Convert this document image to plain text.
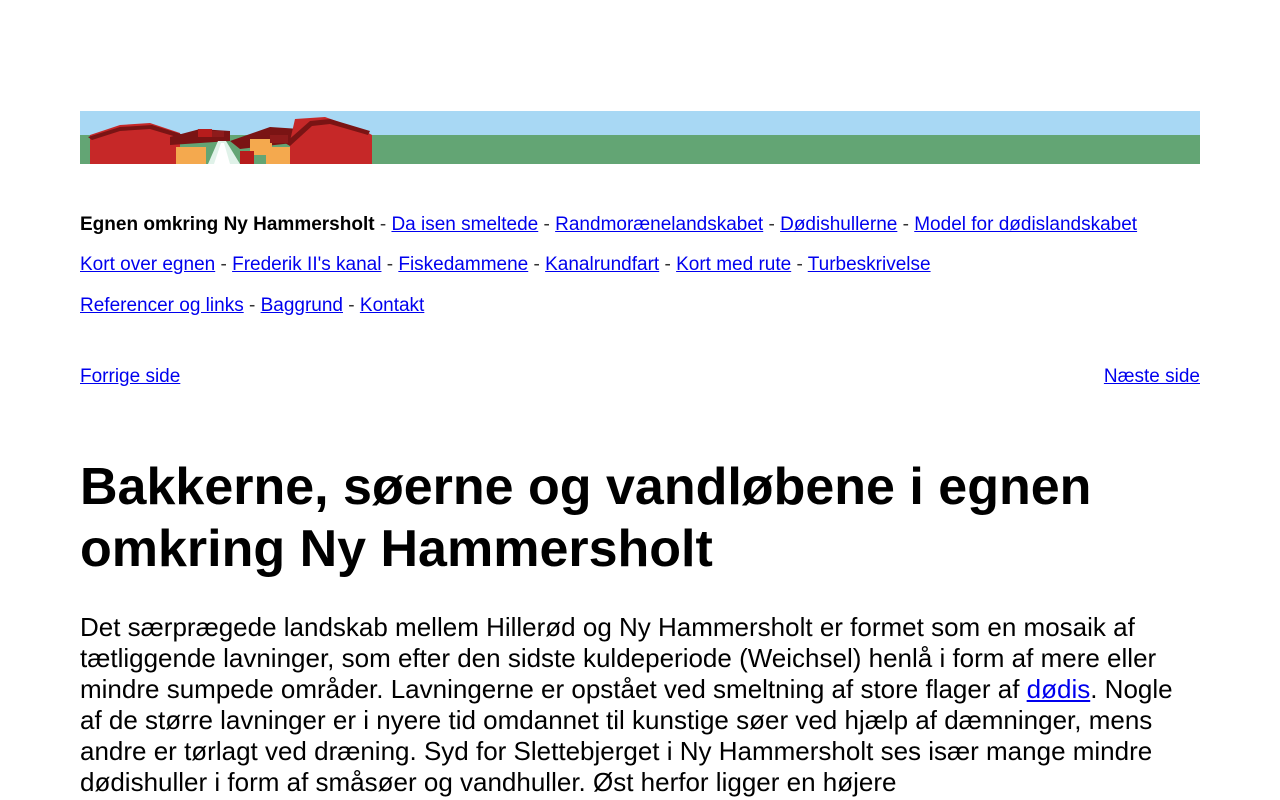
Egnen omkring Ny Hammersholt - Da isen smeltede - Randmorænelandskabet - Dødishullerne - Model for dødislandskabet
Kort over egnen - Frederik II's kanal - Fiskedammene - Kanalrundfart - Kort med rute - Turbeskrivelse
Referencer og links - Baggrund - Kontakt
Forrige side	Næste side
Bakkerne, søerne og vandløbene i egnen omkring Ny Hammersholt

Det særprægede landskab mellem Hillerød og Ny Hammersholt er formet som en mosaik af tætliggende lavninger, som efter den sidste kuldeperiode (Weichsel) henlå i form af mere eller mindre sumpede områder. Lavningerne er opstået ved smeltning af store flager af dødis. Nogle af de større lavninger er i nyere tid omdannet til kunstige søer ved hjælp af dæmninger, mens andre er tørlagt ved dræning. Syd for Slettebjerget i Ny Hammersholt ses især mange mindre dødishuller i form af småsøer og vandhuller. Øst herfor ligger en højere
